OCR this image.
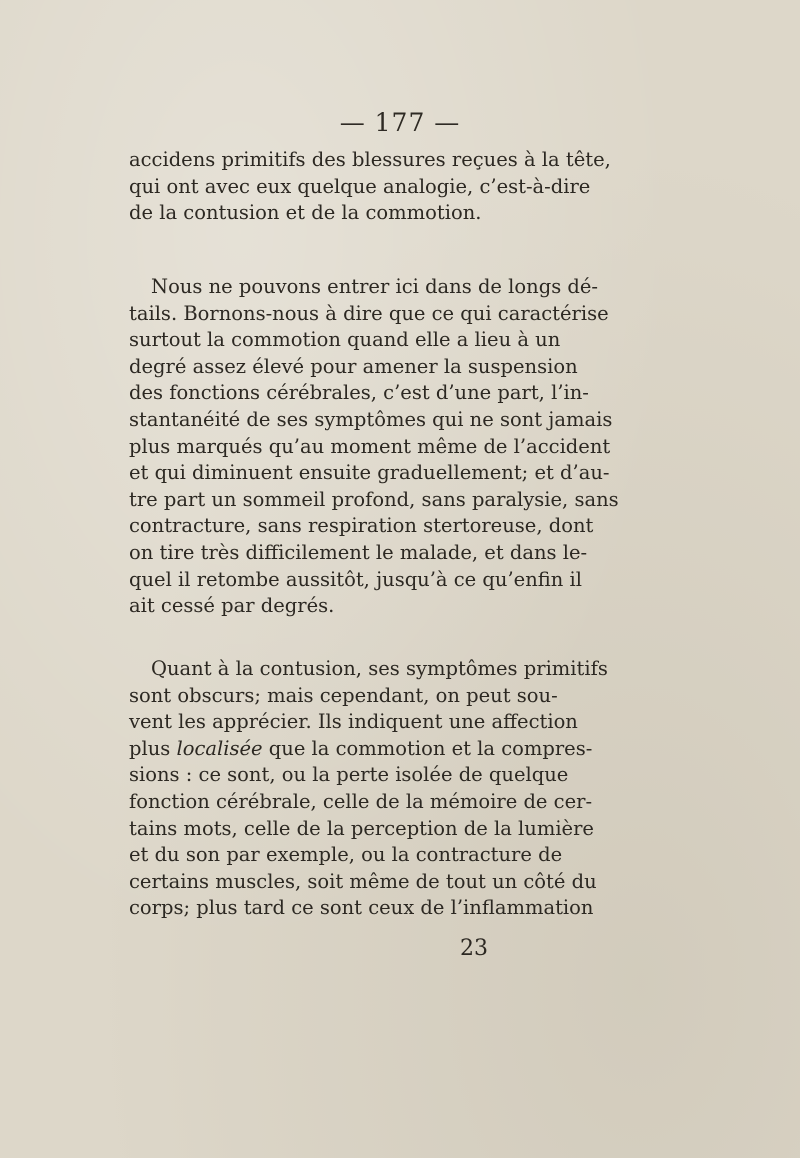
— 177 —
accidens primitifs des blessures reçues à la tête,
qui ont avec eux quelque analogie, c’est-à-dire
de la contusion et de la commotion.
Nous ne pouvons entrer ici dans de longs dé-
tails. Bornons-nous à dire que ce qui caractérise
surtout la commotion quand elle a lieu à un
degré assez élevé pour amener la suspension
des fonctions cérébrales, c’est d’une part, l’in-
stantanéité de ses symptômes qui ne sont jamais
plus marqués qu’au moment même de l’accident
et qui diminuent ensuite graduellement; et d’au-
tre part un sommeil profond, sans paralysie, sans
contracture, sans respiration stertoreuse, dont
on tire très difficilement le malade, et dans le-
quel il retombe aussitôt, jusqu’à ce qu’enfin il
ait cessé par degrés.
Quant à la contusion, ses symptômes primitifs
sont obscurs; mais cependant, on peut sou-
vent les apprécier. Ils indiquent une affection
plus localisée que la commotion et la compres-
sions : ce sont, ou la perte isolée de quelque
fonction cérébrale, celle de la mémoire de cer-
tains mots, celle de la perception de la lumière
et du son par exemple, ou la contracture de
certains muscles, soit même de tout un côté du
corps; plus tard ce sont ceux de l’inflammation
23
